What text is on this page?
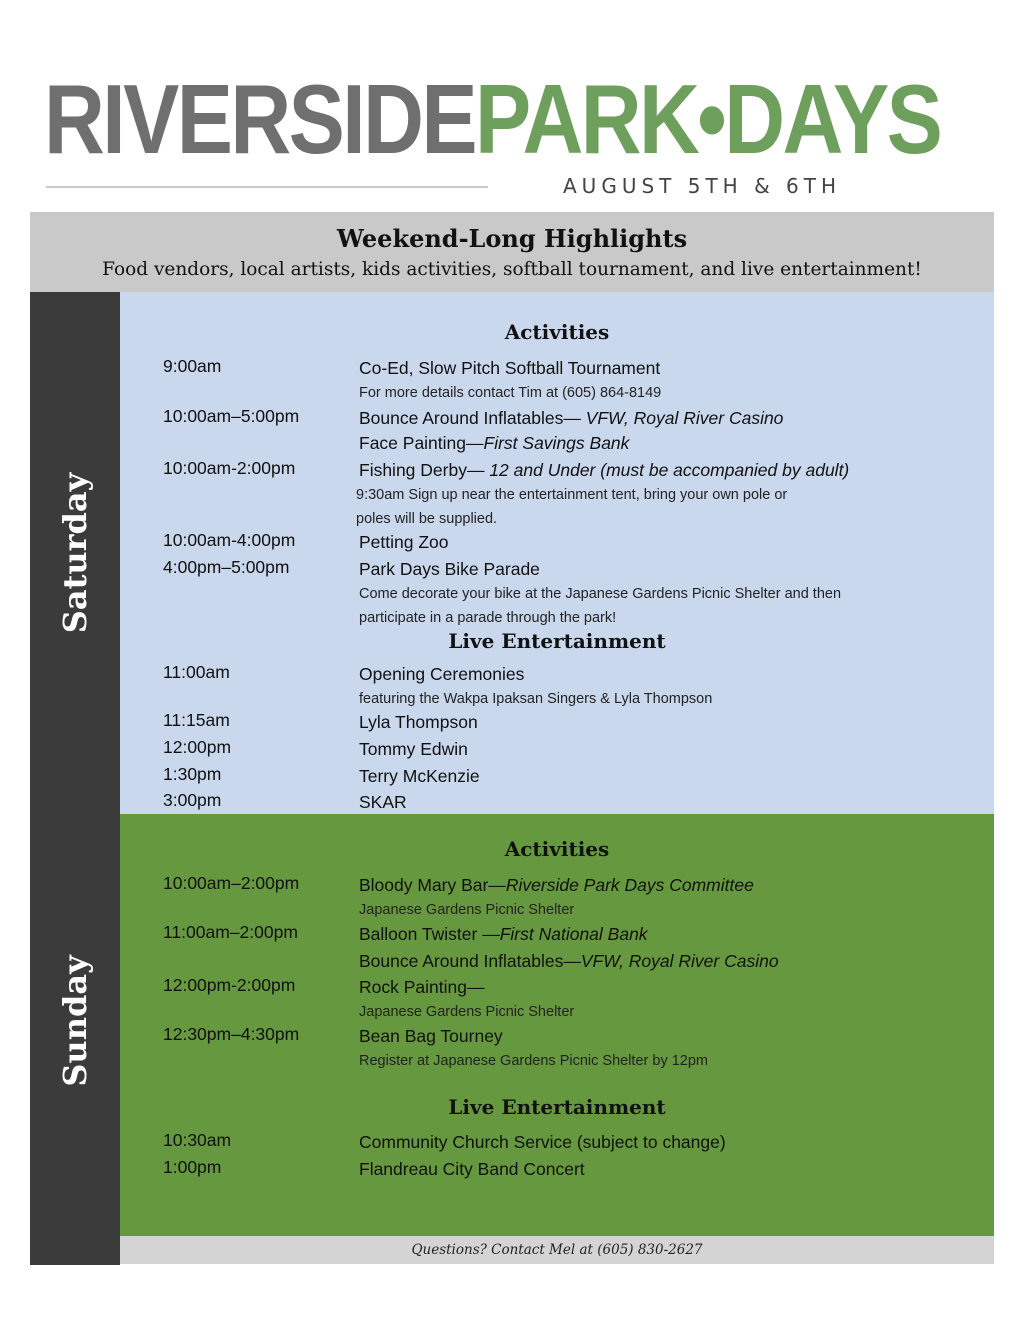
RIVERSIDEPARK•DAYS
AUGUST 5TH & 6TH
Weekend-Long Highlights
Food vendors, local artists, kids activities, softball tournament, and live entertainment!
Saturday
Activities
9:00am	Co-Ed, Slow Pitch Softball Tournament
For more details contact Tim at (605) 864-8149
10:00am–5:00pm	Bounce Around Inflatables— VFW, Royal River Casino
Face Painting—First Savings Bank
10:00am-2:00pm	Fishing Derby— 12 and Under (must be accompanied by adult)
9:30am Sign up near the entertainment tent, bring your own pole or
poles will be supplied.
10:00am-4:00pm	Petting Zoo
4:00pm–5:00pm	Park Days Bike Parade
Come decorate your bike at the Japanese Gardens Picnic Shelter and then
participate in a parade through the park!
Live Entertainment
11:00am	Opening Ceremonies
featuring the Wakpa Ipaksan Singers & Lyla Thompson
11:15am	Lyla Thompson
12:00pm	Tommy Edwin
1:30pm	Terry McKenzie
3:00pm	SKAR
Sunday
Activities
10:00am–2:00pm	Bloody Mary Bar—Riverside Park Days Committee
Japanese Gardens Picnic Shelter
11:00am–2:00pm	Balloon Twister —First National Bank
Bounce Around Inflatables—VFW, Royal River Casino
12:00pm-2:00pm	Rock Painting—
Japanese Gardens Picnic Shelter
12:30pm–4:30pm	Bean Bag Tourney
Register at Japanese Gardens Picnic Shelter by 12pm
Live Entertainment
10:30am	Community Church Service (subject to change)
1:00pm	Flandreau City Band Concert
Questions? Contact Mel at (605) 830-2627
